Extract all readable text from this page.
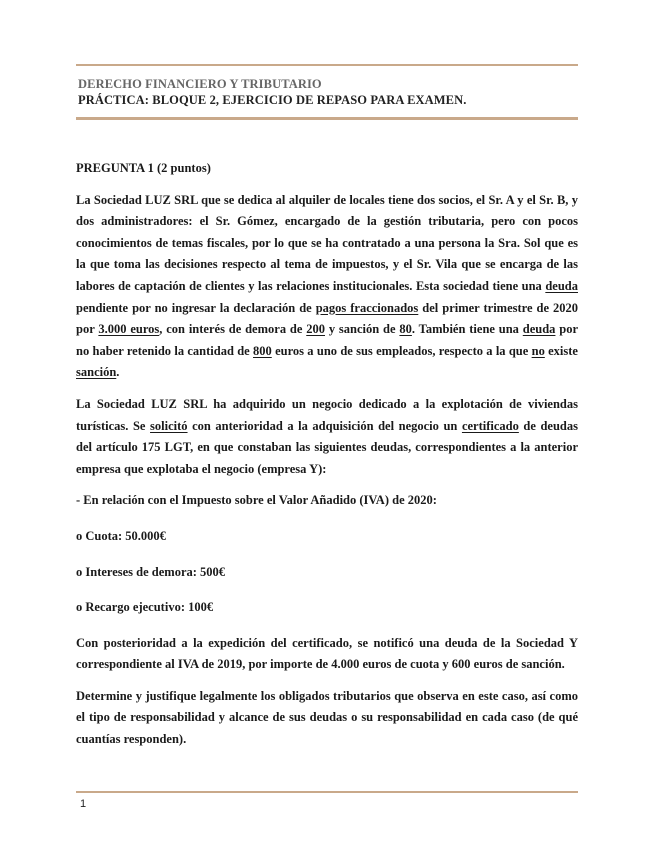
DERECHO FINANCIERO Y TRIBUTARIO
PRÁCTICA: BLOQUE 2, EJERCICIO DE REPASO PARA EXAMEN.

PREGUNTA 1 (2 puntos)

La Sociedad LUZ SRL que se dedica al alquiler de locales tiene dos socios, el Sr. A y el Sr. B, y dos administradores: el Sr. Gómez, encargado de la gestión tributaria, pero con pocos conocimientos de temas fiscales, por lo que se ha contratado a una persona la Sra. Sol que es la que toma las decisiones respecto al tema de impuestos, y el Sr. Vila que se encarga de las labores de captación de clientes y las relaciones institucionales. Esta sociedad tiene una deuda pendiente por no ingresar la declaración de pagos fraccionados del primer trimestre de 2020 por 3.000 euros, con interés de demora de 200 y sanción de 80. También tiene una deuda por no haber retenido la cantidad de 800 euros a uno de sus empleados, respecto a la que no existe sanción.

La Sociedad LUZ SRL ha adquirido un negocio dedicado a la explotación de viviendas turísticas. Se solicitó con anterioridad a la adquisición del negocio un certificado de deudas del artículo 175 LGT, en que constaban las siguientes deudas, correspondientes a la anterior empresa que explotaba el negocio (empresa Y):

- En relación con el Impuesto sobre el Valor Añadido (IVA) de 2020:

o Cuota: 50.000€

o Intereses de demora: 500€

o Recargo ejecutivo: 100€

Con posterioridad a la expedición del certificado, se notificó una deuda de la Sociedad Y correspondiente al IVA de 2019, por importe de 4.000 euros de cuota y 600 euros de sanción.

Determine y justifique legalmente los obligados tributarios que observa en este caso, así como el tipo de responsabilidad y alcance de sus deudas o su responsabilidad en cada caso (de qué cuantías responden).

1
